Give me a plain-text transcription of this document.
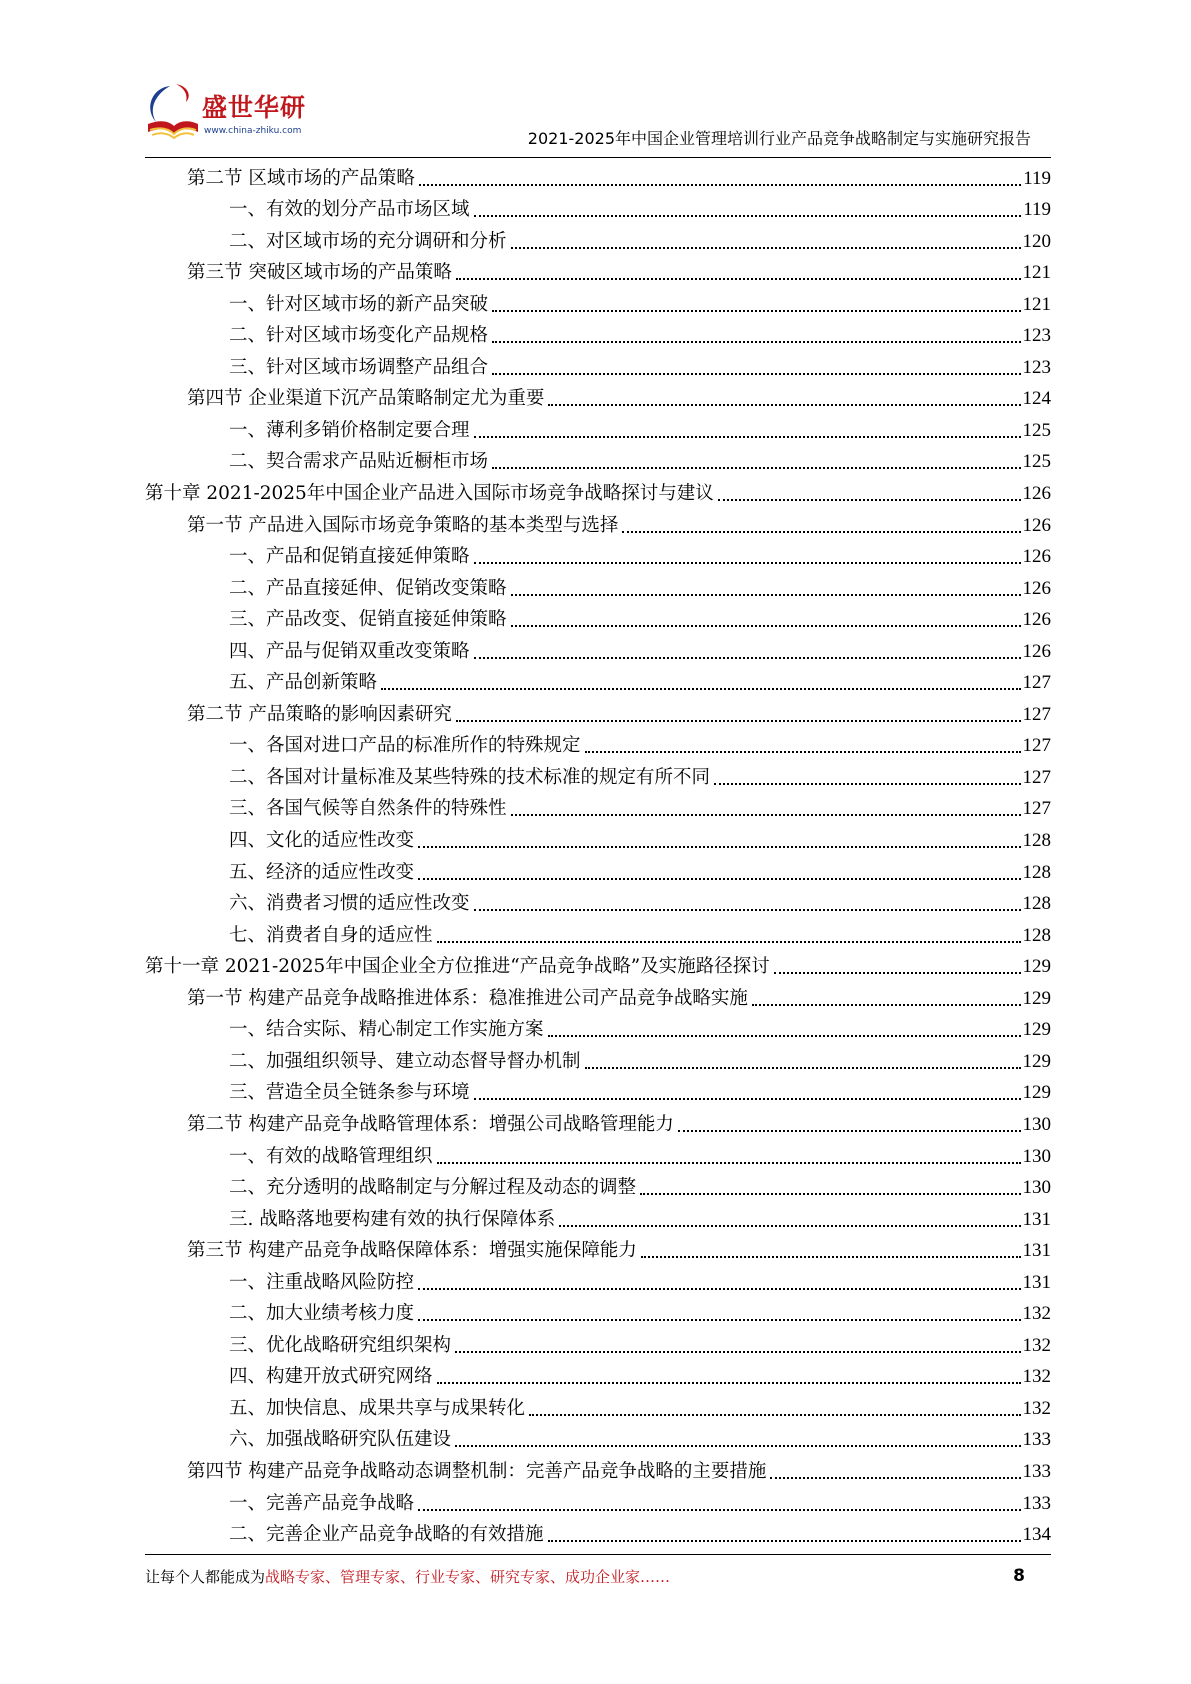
盛世华研
www.china-zhiku.com	2021-2025年中国企业管理培训行业产品竞争战略制定与实施研究报告
第二节 区域市场的产品策略	119
一、有效的划分产品市场区域	119
二、对区域市场的充分调研和分析	120
第三节 突破区域市场的产品策略	121
一、针对区域市场的新产品突破	121
二、针对区域市场变化产品规格	123
三、针对区域市场调整产品组合	123
第四节 企业渠道下沉产品策略制定尤为重要	124
一、薄利多销价格制定要合理	125
二、契合需求产品贴近橱柜市场	125
第十章 2021-2025年中国企业产品进入国际市场竞争战略探讨与建议	126
第一节 产品进入国际市场竞争策略的基本类型与选择	126
一、产品和促销直接延伸策略	126
二、产品直接延伸、促销改变策略	126
三、产品改变、促销直接延伸策略	126
四、产品与促销双重改变策略	126
五、产品创新策略	127
第二节 产品策略的影响因素研究	127
一、各国对进口产品的标准所作的特殊规定	127
二、各国对计量标准及某些特殊的技术标准的规定有所不同	127
三、各国气候等自然条件的特殊性	127
四、文化的适应性改变	128
五、经济的适应性改变	128
六、消费者习惯的适应性改变	128
七、消费者自身的适应性	128
第十一章 2021-2025年中国企业全方位推进“产品竞争战略”及实施路径探讨	129
第一节 构建产品竞争战略推进体系：稳准推进公司产品竞争战略实施	129
一、结合实际、精心制定工作实施方案	129
二、加强组织领导、建立动态督导督办机制	129
三、营造全员全链条参与环境	129
第二节 构建产品竞争战略管理体系：增强公司战略管理能力	130
一、有效的战略管理组织	130
二、充分透明的战略制定与分解过程及动态的调整	130
三. 战略落地要构建有效的执行保障体系	131
第三节 构建产品竞争战略保障体系：增强实施保障能力	131
一、注重战略风险防控	131
二、加大业绩考核力度	132
三、优化战略研究组织架构	132
四、构建开放式研究网络	132
五、加快信息、成果共享与成果转化	132
六、加强战略研究队伍建设	133
第四节 构建产品竞争战略动态调整机制：完善产品竞争战略的主要措施	133
一、完善产品竞争战略	133
二、完善企业产品竞争战略的有效措施	134
让每个人都能成为战略专家、管理专家、行业专家、研究专家、成功企业家……	8
